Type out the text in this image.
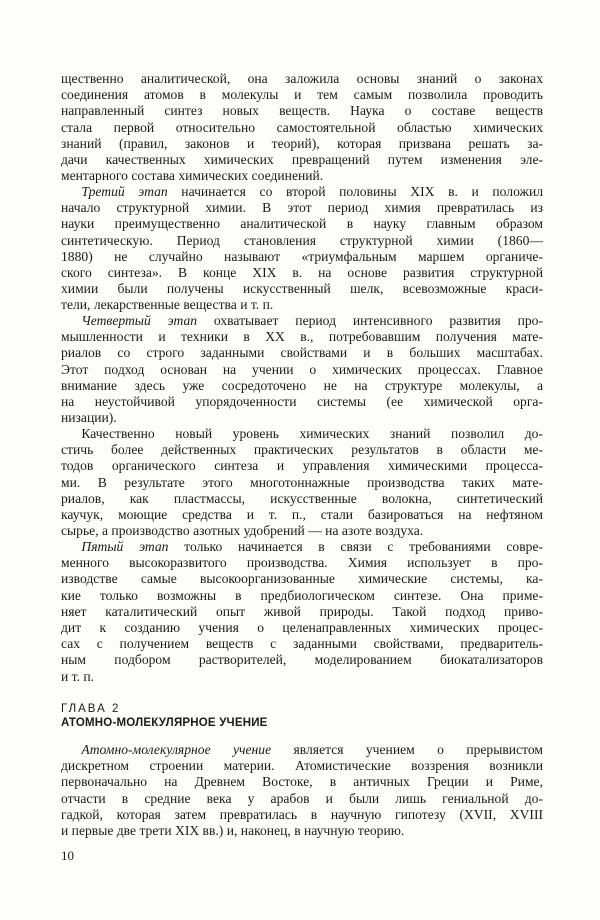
щественно аналитической, она заложила основы знаний о законах
соединения атомов в молекулы и тем самым позволила проводить
направленный синтез новых веществ. Наука о составе веществ
стала первой относительно самостоятельной областью химических
знаний (правил, законов и теорий), которая призвана решать за-
дачи качественных химических превращений путем изменения эле-
ментарного состава химических соединений.
  Третий этап начинается со второй половины XIX в. и положил
начало структурной химии. В этот период химия превратилась из
науки преимущественно аналитической в науку главным образом
синтетическую. Период становления структурной химии (1860—
1880) не случайно называют «триумфальным маршем органиче-
ского синтеза». В конце XIX в. на основе развития структурной
химии были получены искусственный шелк, всевозможные краси-
тели, лекарственные вещества и т. п.
  Четвертый этап охватывает период интенсивного развития про-
мышленности и техники в XX в., потребовавшим получения мате-
риалов со строго заданными свойствами и в больших масштабах.
Этот подход основан на учении о химических процессах. Главное
внимание здесь уже сосредоточено не на структуре молекулы, а
на неустойчивой упорядоченности системы (ее химической орга-
низации).
  Качественно новый уровень химических знаний позволил до-
стичь более действенных практических результатов в области ме-
тодов органического синтеза и управления химическими процесса-
ми. В результате этого многотоннажные производства таких мате-
риалов, как пластмассы, искусственные волокна, синтетический
каучук, моющие средства и т. п., стали базироваться на нефтяном
сырье, а производство азотных удобрений — на азоте воздуха.
  Пятый этап только начинается в связи с требованиями совре-
менного высокоразвитого производства. Химия использует в про-
изводстве самые высокоорганизованные химические системы, ка-
кие только возможны в предбиологическом синтезе. Она приме-
няет каталитический опыт живой природы. Такой подход приво-
дит к созданию учения о целенаправленных химических процес-
сах с получением веществ с заданными свойствами, предваритель-
ным подбором растворителей, моделированием биокатализаторов
и т. п.
ГЛАВА 2
АТОМНО-МОЛЕКУЛЯРНОЕ УЧЕНИЕ
  Атомно-молекулярное учение является учением о прерывистом
дискретном строении материи. Атомистические воззрения возникли
первоначально на Древнем Востоке, в античных Греции и Риме,
отчасти в средние века у арабов и были лишь гениальной до-
гадкой, которая затем превратилась в научную гипотезу (XVII, XVIII
и первые две трети XIX вв.) и, наконец, в научную теорию.
10
